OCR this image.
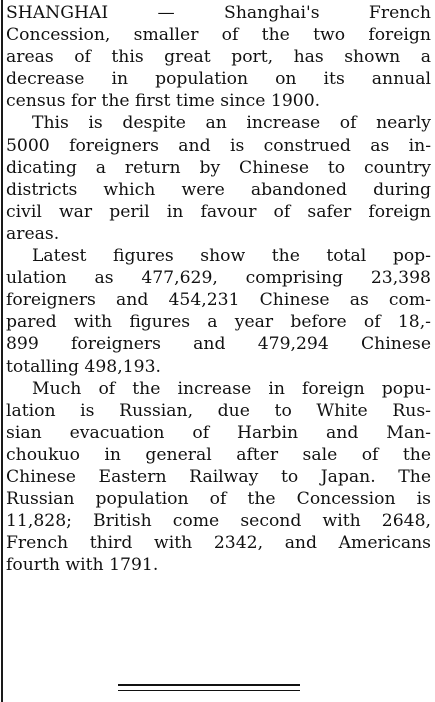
SHANGHAI — Shanghai's French
Concession, smaller of the two foreign
areas of this great port, has shown a
decrease in population on its annual
census for the first time since 1900.
This is despite an increase of nearly
5000 foreigners and is construed as in-
dicating a return by Chinese to country
districts which were abandoned during
civil war peril in favour of safer foreign
areas.
Latest figures show the total pop-
ulation as 477,629, comprising 23,398
foreigners and 454,231 Chinese as com-
pared with figures a year before of 18,-
899 foreigners and 479,294 Chinese
totalling 498,193.
Much of the increase in foreign popu-
lation is Russian, due to White Rus-
sian evacuation of Harbin and Man-
choukuo in general after sale of the
Chinese Eastern Railway to Japan. The
Russian population of the Concession is
11,828; British come second with 2648,
French third with 2342, and Americans
fourth with 1791.
